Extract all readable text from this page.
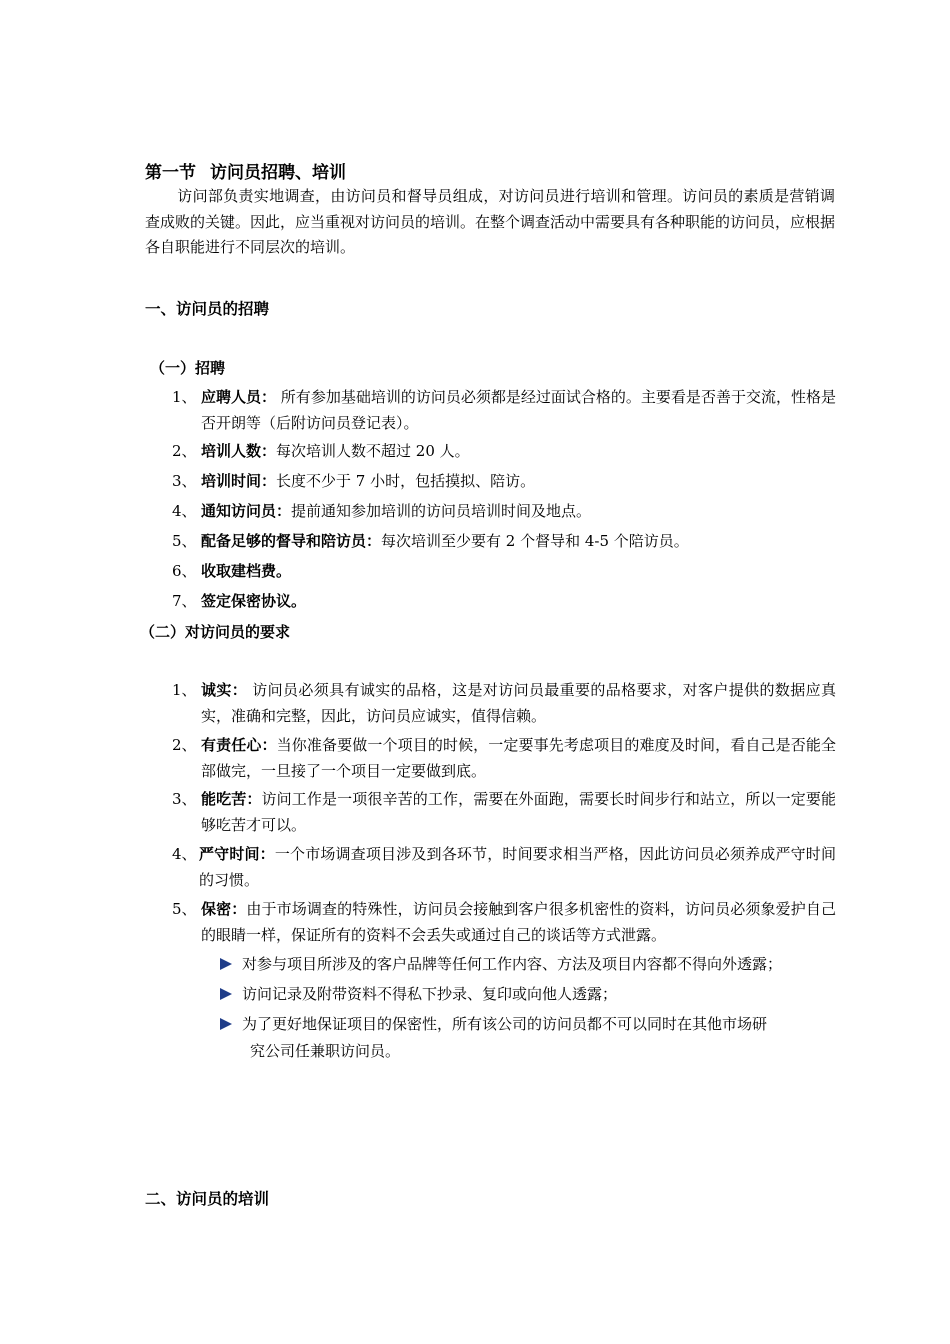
第一节 访问员招聘、培训
访问部负责实地调查，由访问员和督导员组成，对访问员进行培训和管理。访问员的素质是营销调查成败的关键。因此，应当重视对访问员的培训。在整个调查活动中需要具有各种职能的访问员，应根据各自职能进行不同层次的培训。
一、访问员的招聘
（一）招聘
1、 应聘人员： 所有参加基础培训的访问员必须都是经过面试合格的。主要看是否善于交流，性格是否开朗等（后附访问员登记表）。
2、 培训人数：每次培训人数不超过 20 人。
3、 培训时间：长度不少于 7 小时，包括摸拟、陪访。
4、 通知访问员：提前通知参加培训的访问员培训时间及地点。
5、 配备足够的督导和陪访员：每次培训至少要有 2 个督导和 4-5 个陪访员。
6、 收取建档费。
7、 签定保密协议。
（二）对访问员的要求
1、 诚实： 访问员必须具有诚实的品格，这是对访问员最重要的品格要求，对客户提供的数据应真实，准确和完整，因此，访问员应诚实，值得信赖。
2、 有责任心：当你准备要做一个项目的时候，一定要事先考虑项目的难度及时间，看自己是否能全部做完，一旦接了一个项目一定要做到底。
3、 能吃苦：访问工作是一项很辛苦的工作，需要在外面跑，需要长时间步行和站立，所以一定要能够吃苦才可以。
4、 严守时间：一个市场调查项目涉及到各环节，时间要求相当严格，因此访问员必须养成严守时间的习惯。
5、 保密：由于市场调查的特殊性，访问员会接触到客户很多机密性的资料，访问员必须象爱护自己的眼睛一样，保证所有的资料不会丢失或通过自己的谈话等方式泄露。
对参与项目所涉及的客户品牌等任何工作内容、方法及项目内容都不得向外透露；
访问记录及附带资料不得私下抄录、复印或向他人透露；
为了更好地保证项目的保密性，所有该公司的访问员都不可以同时在其他市场研
究公司任兼职访问员。
二、访问员的培训
